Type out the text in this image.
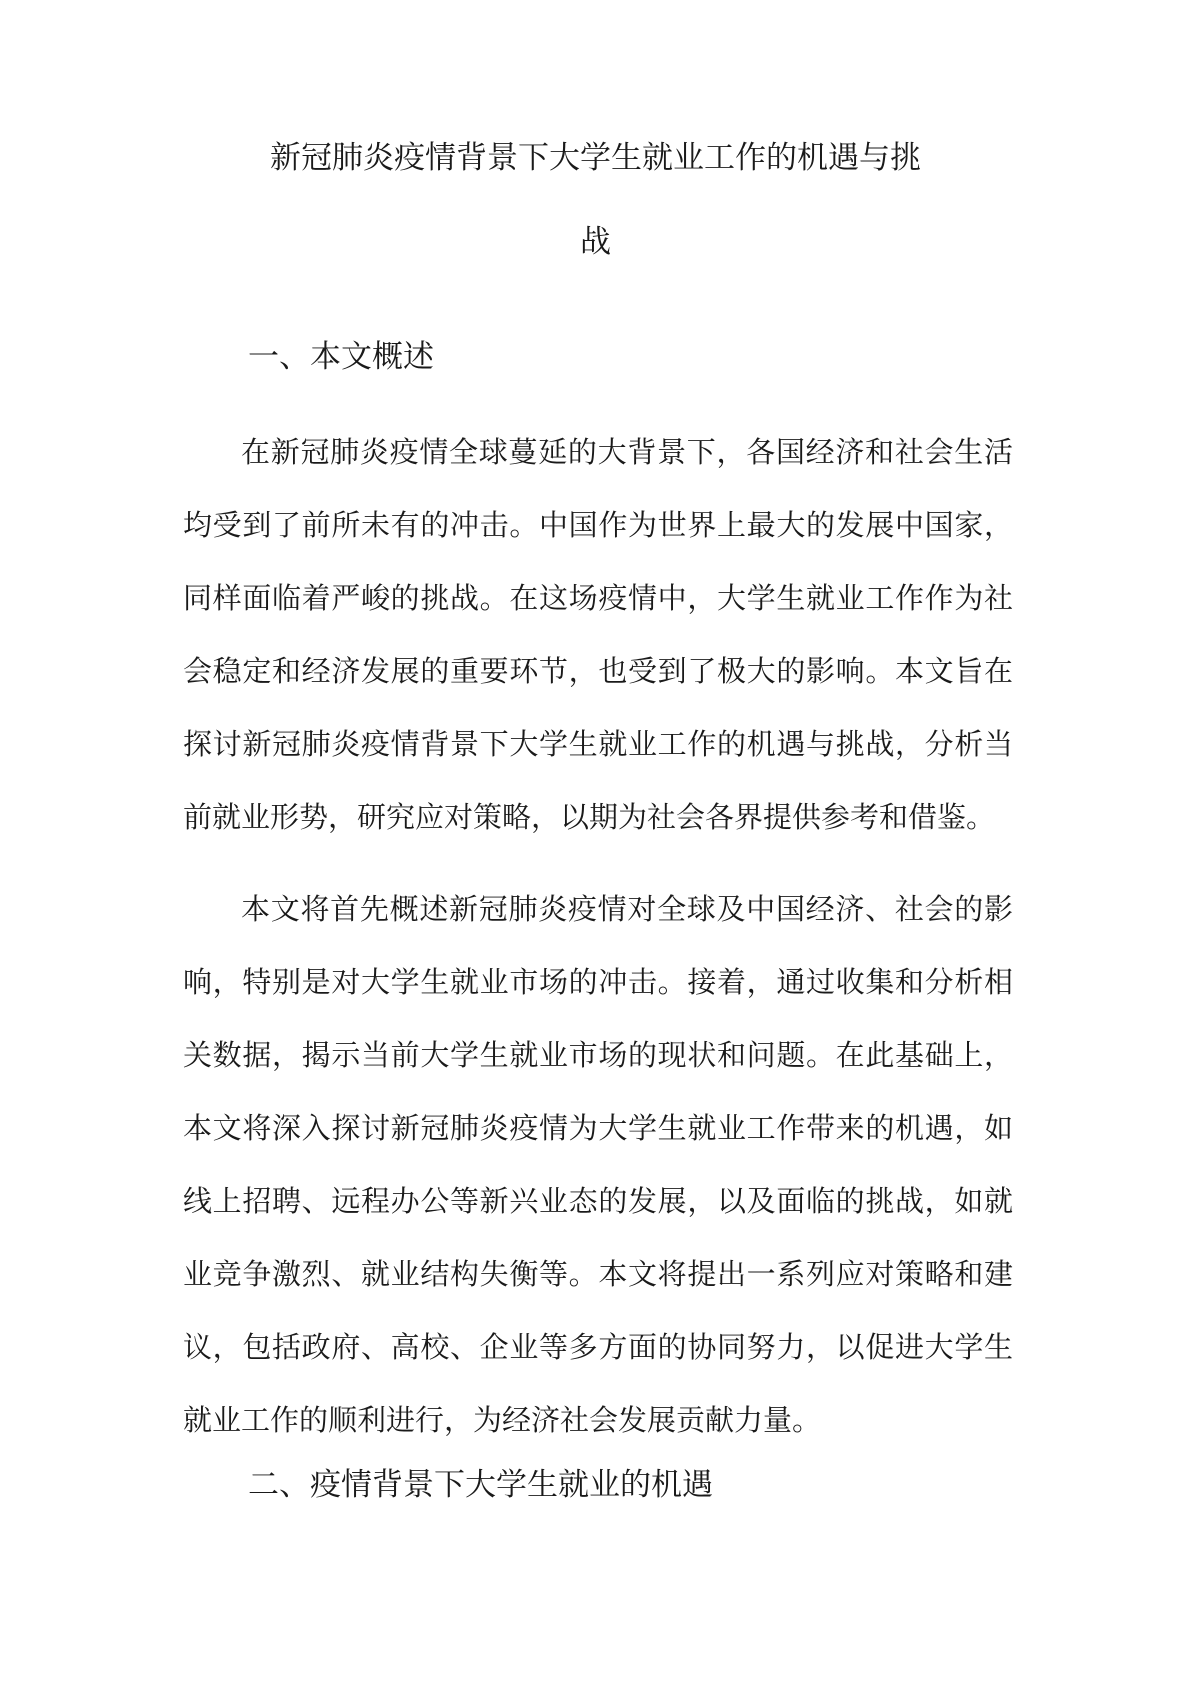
新冠肺炎疫情背景下大学生就业工作的机遇与挑
战
一、本文概述

在新冠肺炎疫情全球蔓延的大背景下，各国经济和社会生活均受到了前所未有的冲击。中国作为世界上最大的发展中国家，同样面临着严峻的挑战。在这场疫情中，大学生就业工作作为社会稳定和经济发展的重要环节，也受到了极大的影响。本文旨在探讨新冠肺炎疫情背景下大学生就业工作的机遇与挑战，分析当前就业形势，研究应对策略，以期为社会各界提供参考和借鉴。

本文将首先概述新冠肺炎疫情对全球及中国经济、社会的影响，特别是对大学生就业市场的冲击。接着，通过收集和分析相关数据，揭示当前大学生就业市场的现状和问题。在此基础上，本文将深入探讨新冠肺炎疫情为大学生就业工作带来的机遇，如线上招聘、远程办公等新兴业态的发展，以及面临的挑战，如就业竞争激烈、就业结构失衡等。本文将提出一系列应对策略和建议，包括政府、高校、企业等多方面的协同努力，以促进大学生就业工作的顺利进行，为经济社会发展贡献力量。

二、疫情背景下大学生就业的机遇
